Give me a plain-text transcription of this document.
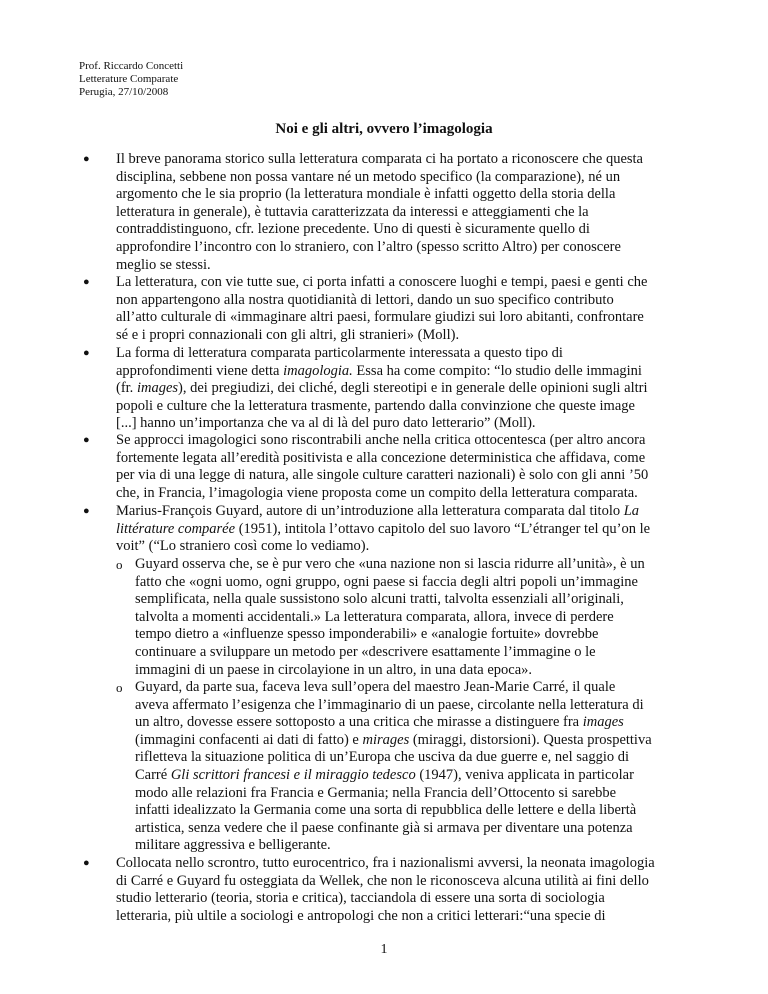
Prof. Riccardo Concetti
Letterature Comparate
Perugia, 27/10/2008
Noi e gli altri, ovvero l’imagologia
● Il breve panorama storico sulla letteratura comparata ci ha portato a riconoscere che questa
disciplina, sebbene non possa vantare né un metodo specifico (la comparazione), né un
argomento che le sia proprio (la letteratura mondiale è infatti oggetto della storia della
letteratura in generale), è tuttavia caratterizzata da interessi e atteggiamenti che la
contraddistinguono, cfr. lezione precedente. Uno di questi è sicuramente quello di
approfondire l’incontro con lo straniero, con l’altro (spesso scritto Altro) per conoscere
meglio se stessi.
● La letteratura, con vie tutte sue, ci porta infatti a conoscere luoghi e tempi, paesi e genti che
non appartengono alla nostra quotidianità di lettori, dando un suo specifico contributo
all’atto culturale di «immaginare altri paesi, formulare giudizi sui loro abitanti, confrontare
sé e i propri connazionali con gli altri, gli stranieri» (Moll).
● La forma di letteratura comparata particolarmente interessata a questo tipo di
approfondimenti viene detta imagologia. Essa ha come compito: “lo studio delle immagini
(fr. images), dei pregiudizi, dei cliché, degli stereotipi e in generale delle opinioni sugli altri
popoli e culture che la letteratura trasmente, partendo dalla convinzione che queste image
[...] hanno un’importanza che va al di là del puro dato letterario” (Moll).
● Se approcci imagologici sono riscontrabili anche nella critica ottocentesca (per altro ancora
fortemente legata all’eredità positivista e alla concezione deterministica che affidava, come
per via di una legge di natura, alle singole culture caratteri nazionali) è solo con gli anni ’50
che, in Francia, l’imagologia viene proposta come un compito della letteratura comparata.
● Marius-François Guyard, autore di un’introduzione alla letteratura comparata dal titolo La
littérature comparée (1951), intitola l’ottavo capitolo del suo lavoro “L’étranger tel qu’on le
voit” (“Lo straniero così come lo vediamo).
o Guyard osserva che, se è pur vero che «una nazione non si lascia ridurre all’unità», è un
fatto che «ogni uomo, ogni gruppo, ogni paese si faccia degli altri popoli un’immagine
semplificata, nella quale sussistono solo alcuni tratti, talvolta essenziali all’originali,
talvolta a momenti accidentali.» La letteratura comparata, allora, invece di perdere
tempo dietro a «influenze spesso imponderabili» e «analogie fortuite» dovrebbe
continuare a sviluppare un metodo per «descrivere esattamente l’immagine o le
immagini di un paese in circolayione in un altro, in una data epoca».
o Guyard, da parte sua, faceva leva sull’opera del maestro Jean-Marie Carré, il quale
aveva affermato l’esigenza che l’immaginario di un paese, circolante nella letteratura di
un altro, dovesse essere sottoposto a una critica che mirasse a distinguere fra images
(immagini confacenti ai dati di fatto) e mirages (miraggi, distorsioni). Questa prospettiva
rifletteva la situazione politica di un’Europa che usciva da due guerre e, nel saggio di
Carré Gli scrittori francesi e il miraggio tedesco (1947), veniva applicata in particolar
modo alle relazioni fra Francia e Germania; nella Francia dell’Ottocento si sarebbe
infatti idealizzato la Germania come una sorta di repubblica delle lettere e della libertà
artistica, senza vedere che il paese confinante già si armava per diventare una potenza
militare aggressiva e belligerante.
● Collocata nello scrontro, tutto eurocentrico, fra i nazionalismi avversi, la neonata imagologia
di Carré e Guyard fu osteggiata da Wellek, che non le riconosceva alcuna utilità ai fini dello
studio letterario (teoria, storia e critica), tacciandola di essere una sorta di sociologia
letteraria, più ultile a sociologi e antropologi che non a critici letterari:“una specie di
1
